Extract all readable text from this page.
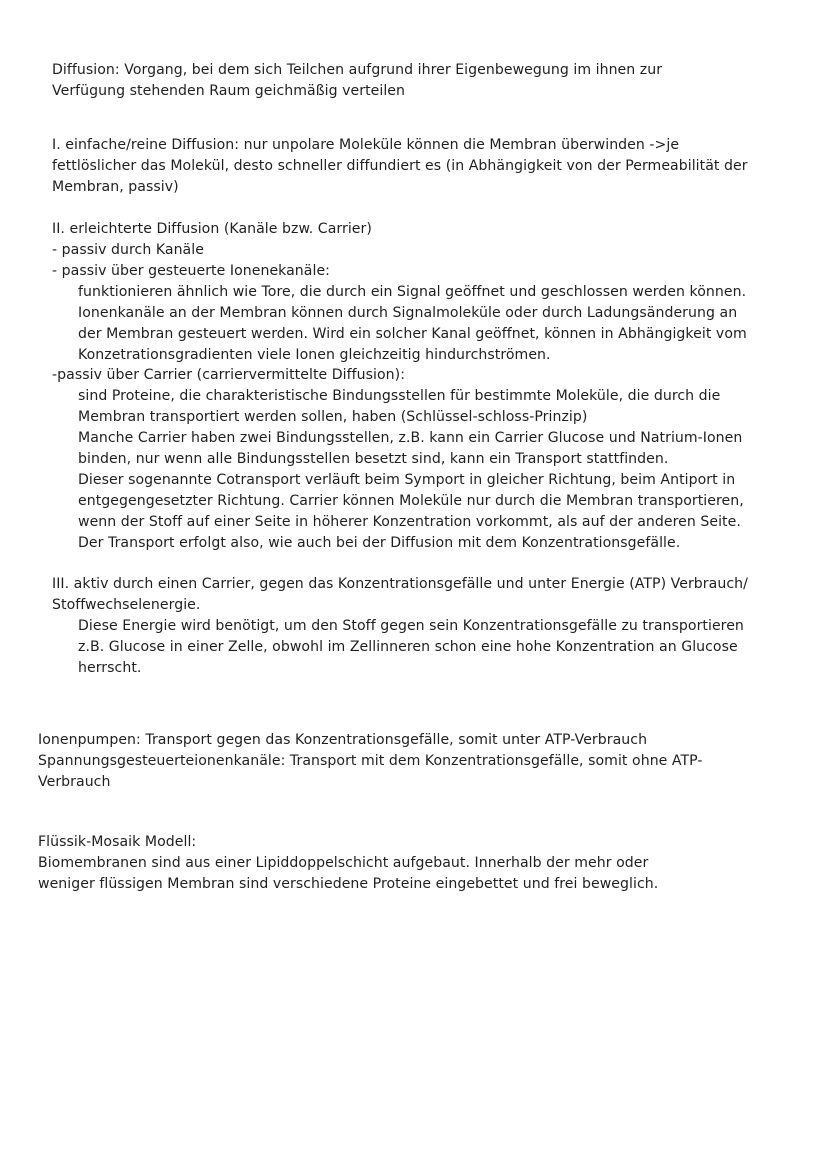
Diffusion: Vorgang, bei dem sich Teilchen aufgrund ihrer Eigenbewegung im ihnen zur
Verfügung stehenden Raum geichmäßig verteilen
I. einfache/reine Diffusion: nur unpolare Moleküle können die Membran überwinden ->je
fettlöslicher das Molekül, desto schneller diffundiert es (in Abhängigkeit von der Permeabilität der
Membran, passiv)
II. erleichterte Diffusion (Kanäle bzw. Carrier)
- passiv durch Kanäle
- passiv über gesteuerte Ionenekanäle:
funktionieren ähnlich wie Tore, die durch ein Signal geöffnet und geschlossen werden können.
Ionenkanäle an der Membran können durch Signalmoleküle oder durch Ladungsänderung an
der Membran gesteuert werden. Wird ein solcher Kanal geöffnet, können in Abhängigkeit vom
Konzetrationsgradienten viele Ionen gleichzeitig hindurchströmen.
-passiv über Carrier (carriervermittelte Diffusion):
sind Proteine, die charakteristische Bindungsstellen für bestimmte Moleküle, die durch die
Membran transportiert werden sollen, haben (Schlüssel-schloss-Prinzip)
Manche Carrier haben zwei Bindungsstellen, z.B. kann ein Carrier Glucose und Natrium-Ionen
binden, nur wenn alle Bindungsstellen besetzt sind, kann ein Transport stattfinden.
Dieser sogenannte Cotransport verläuft beim Symport in gleicher Richtung, beim Antiport in
entgegengesetzter Richtung. Carrier können Moleküle nur durch die Membran transportieren,
wenn der Stoff auf einer Seite in höherer Konzentration vorkommt, als auf der anderen Seite.
Der Transport erfolgt also, wie auch bei der Diffusion mit dem Konzentrationsgefälle.
III. aktiv durch einen Carrier, gegen das Konzentrationsgefälle und unter Energie (ATP) Verbrauch/
Stoffwechselenergie.
Diese Energie wird benötigt, um den Stoff gegen sein Konzentrationsgefälle zu transportieren
z.B. Glucose in einer Zelle, obwohl im Zellinneren schon eine hohe Konzentration an Glucose
herrscht.
Ionenpumpen: Transport gegen das Konzentrationsgefälle, somit unter ATP-Verbrauch
Spannungsgesteuerteionenkanäle: Transport mit dem Konzentrationsgefälle, somit ohne ATP-
Verbrauch
Flüssik-Mosaik Modell:
Biomembranen sind aus einer Lipiddoppelschicht aufgebaut. Innerhalb der mehr oder
weniger flüssigen Membran sind verschiedene Proteine eingebettet und frei beweglich.
